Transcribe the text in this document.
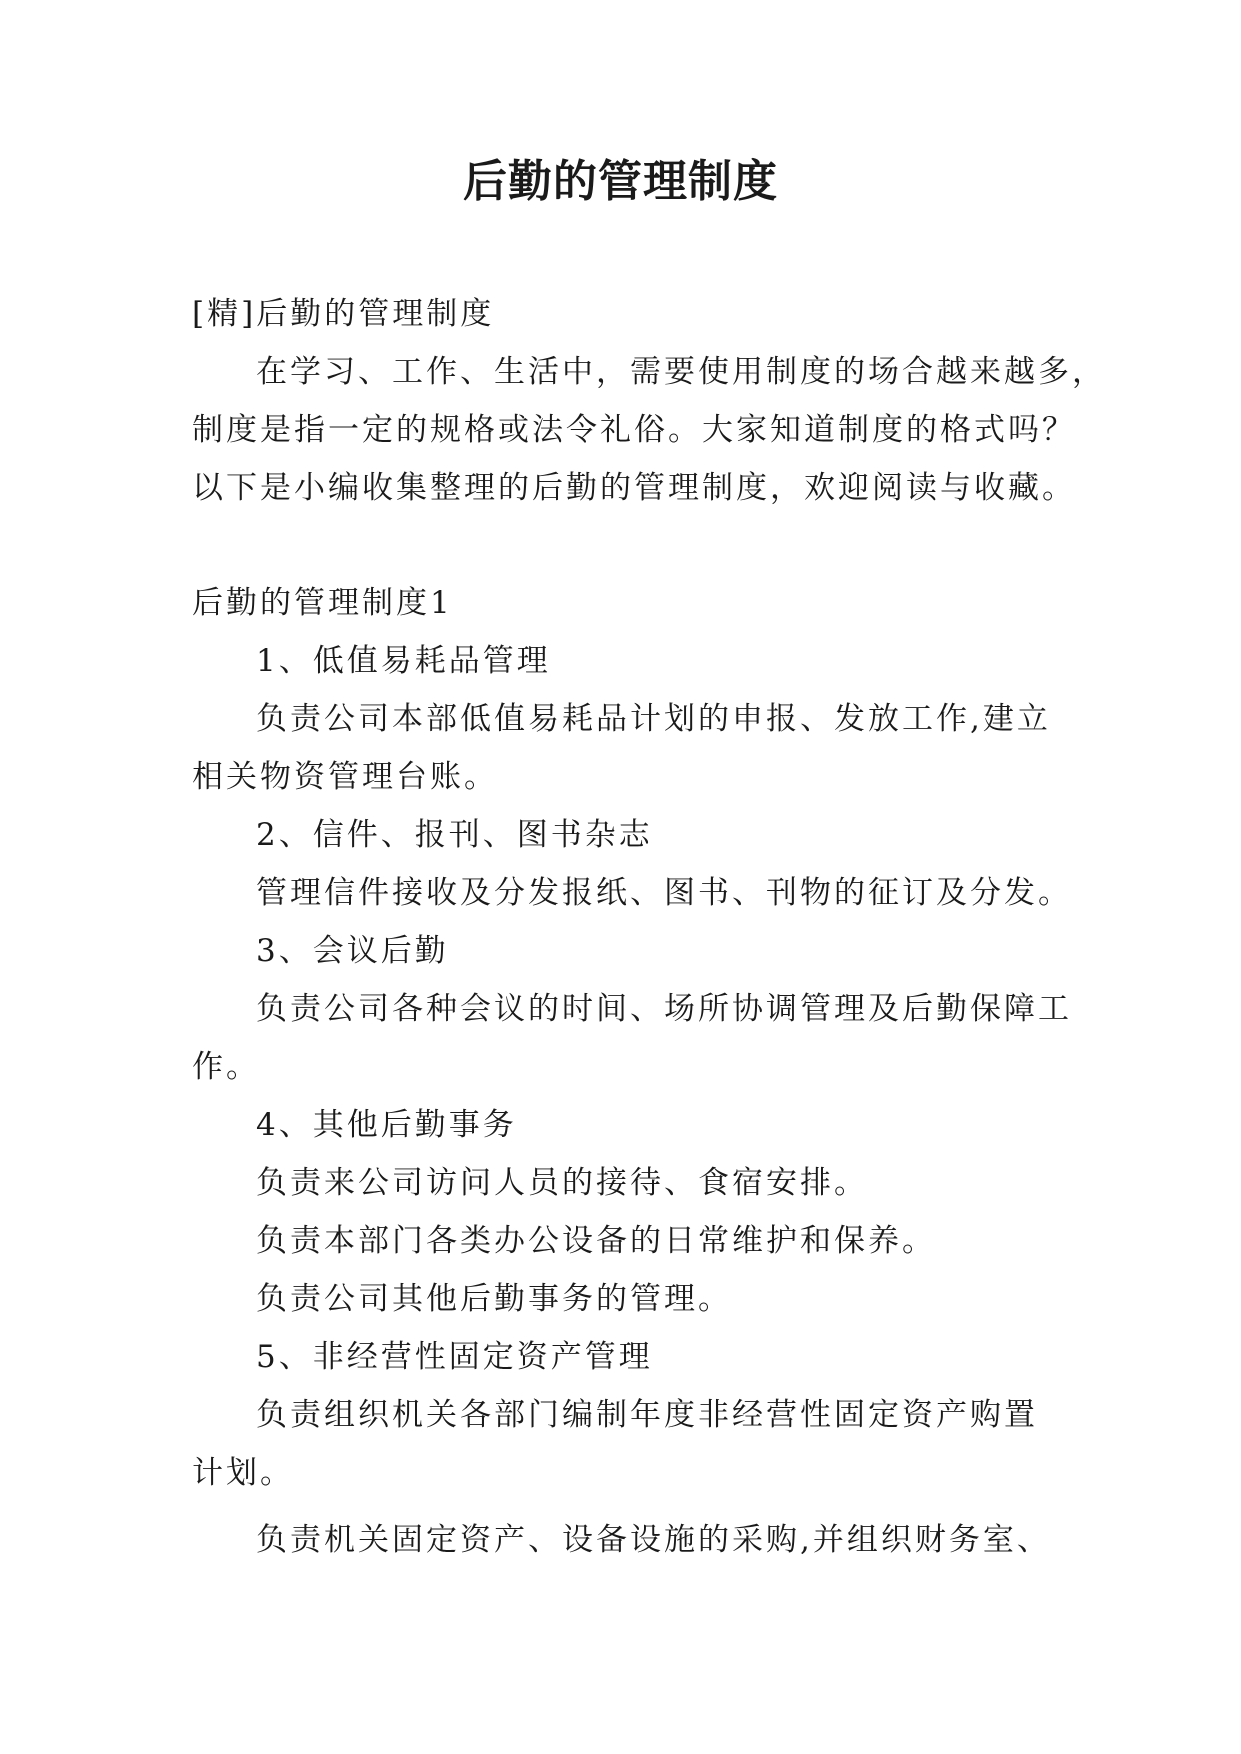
后勤的管理制度
[精]后勤的管理制度
在学习、工作、生活中，需要使用制度的场合越来越多，
制度是指一定的规格或法令礼俗。大家知道制度的格式吗？
以下是小编收集整理的后勤的管理制度，欢迎阅读与收藏。
后勤的管理制度1
1、低值易耗品管理
负责公司本部低值易耗品计划的申报、发放工作,建立
相关物资管理台账。
2、信件、报刊、图书杂志
管理信件接收及分发报纸、图书、刊物的征订及分发。
3、会议后勤
负责公司各种会议的时间、场所协调管理及后勤保障工
作。
4、其他后勤事务
负责来公司访问人员的接待、食宿安排。
负责本部门各类办公设备的日常维护和保养。
负责公司其他后勤事务的管理。
5、非经营性固定资产管理
负责组织机关各部门编制年度非经营性固定资产购置
计划。
负责机关固定资产、设备设施的采购,并组织财务室、
